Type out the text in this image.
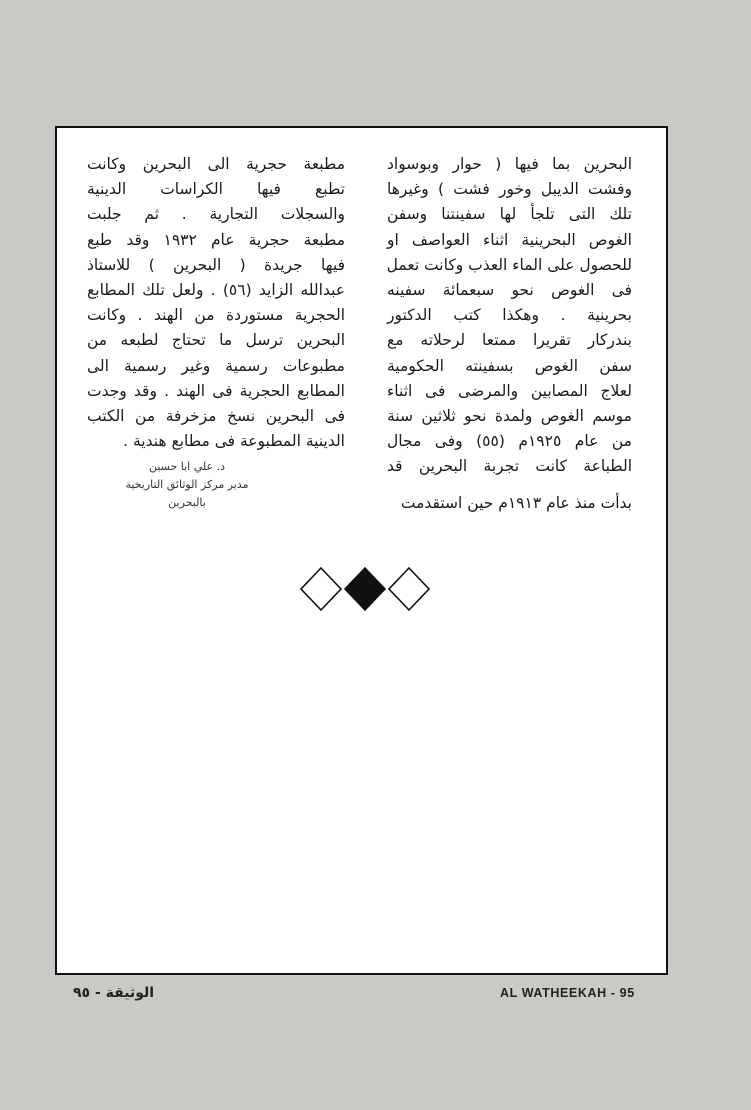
البحرين بما فيها ( حوار وبوسواد
وفشت الديبل وخور فشت ) وغيرها
تلك التى تلجأ لها سفينتنا وسفن
الغوص البحرينية اثناء العواصف او
للحصول على الماء العذب وكانت تعمل
فى الغوص نحو سبعمائة سفينه
بحرينية . وهكذا كتب الدكتور
بندركار تقريرا ممتعا لرحلاته مع
سفن الغوص بسفينته الحكومية
لعلاج المصابين والمرضى فى اثناء
موسم الغوص ولمدة نحو ثلاثين سنة
من عام ١٩٢٥م (٥٥) وفى مجال
الطباعة كانت تجربة البحرين قد
بدأت منذ عام ١٩١٣م حين استقدمت
مطبعة حجرية الى البحرين وكانت
تطبع فيها الكراسات الدينية
والسجلات التجارية . ثم جلبت
مطبعة حجرية عام ١٩٣٢ وقد طبع
فيها جريدة ( البحرين ) للاستاذ
عبدالله الزايد (٥٦) . ولعل تلك المطابع
الحجرية مستوردة من الهند . وكانت
البحرين ترسل ما تحتاج لطبعه من
مطبوعات رسمية وغير رسمية الى
المطابع الحجرية فى الهند . وقد وجدت
فى البحرين نسخ مزخرفة من الكتب
الدينية المطبوعة فى مطابع هندية .
د. علي ابا حسين
مدير مركز الوثائق التاريخية
بالبحرين
الوثيقة - ٩٥	AL WATHEEKAH - 95
